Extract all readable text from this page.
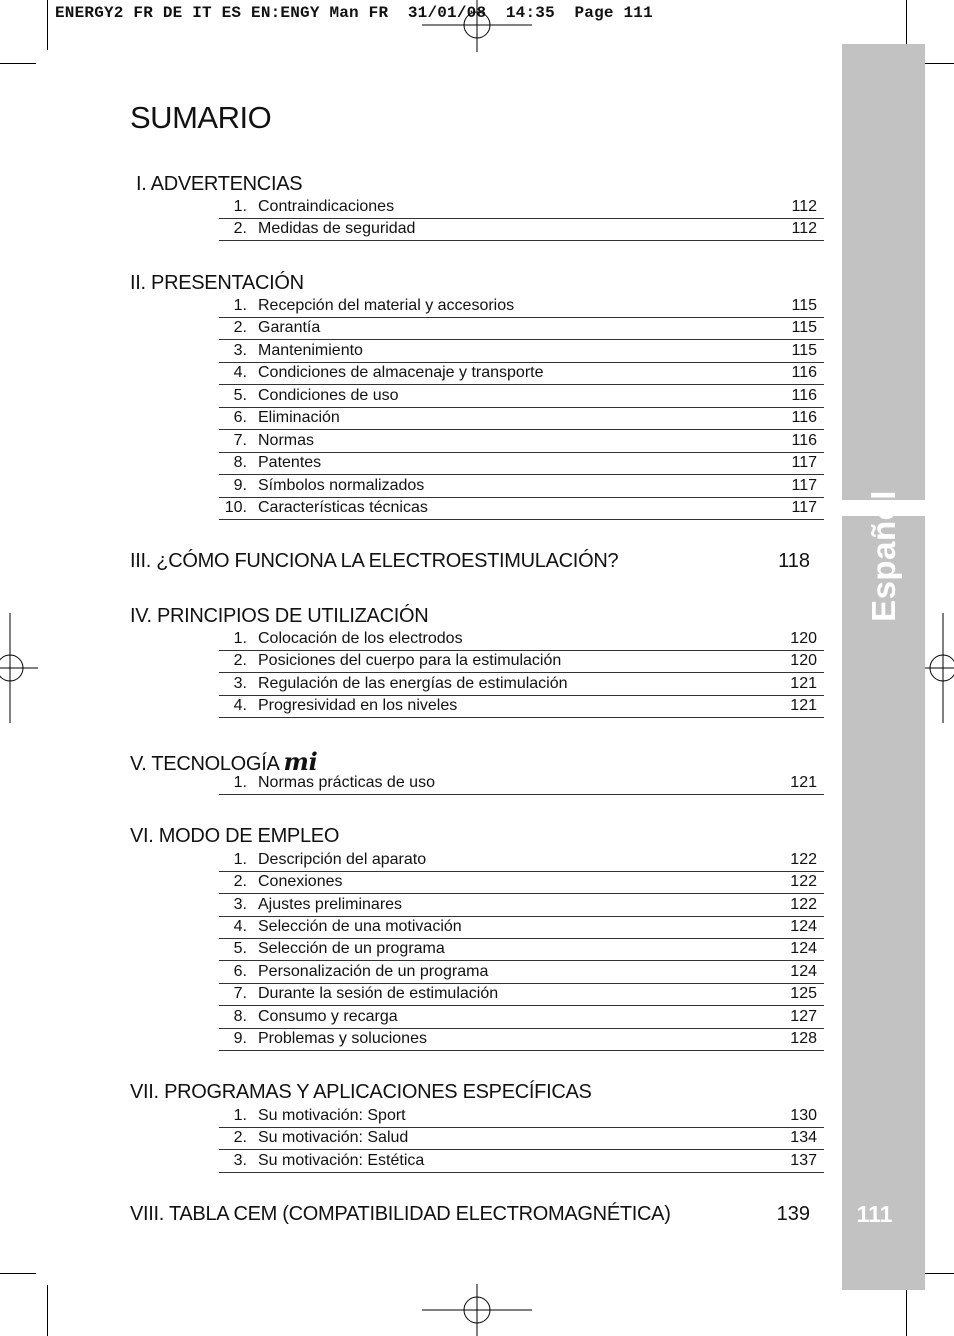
ENERGY2 FR DE IT ES EN:ENGY Man FR  31/01/08  14:35  Page 111
Español
111
SUMARIO
I. ADVERTENCIAS
1. Contraindicaciones	112
2. Medidas de seguridad	112
II. PRESENTACIÓN
1. Recepción del material y accesorios	115
2. Garantía	115
3. Mantenimiento	115
4. Condiciones de almacenaje y transporte	116
5. Condiciones de uso	116
6. Eliminación	116
7. Normas	116
8. Patentes	117
9. Símbolos normalizados	117
10. Características técnicas	117
III. ¿CÓMO FUNCIONA LA ELECTROESTIMULACIÓN?	118
IV. PRINCIPIOS DE UTILIZACIÓN
1. Colocación de los electrodos	120
2. Posiciones del cuerpo para la estimulación	120
3. Regulación de las energías de estimulación	121
4. Progresividad en los niveles	121
V. TECNOLOGÍA mi
1. Normas prácticas de uso	121
VI. MODO DE EMPLEO
1. Descripción del aparato	122
2. Conexiones	122
3. Ajustes preliminares	122
4. Selección de una motivación	124
5. Selección de un programa	124
6. Personalización de un programa	124
7. Durante la sesión de estimulación	125
8. Consumo y recarga	127
9. Problemas y soluciones	128
VII. PROGRAMAS Y APLICACIONES ESPECÍFICAS
1. Su motivación: Sport	130
2. Su motivación: Salud	134
3. Su motivación: Estética	137
VIII. TABLA CEM (COMPATIBILIDAD ELECTROMAGNÉTICA)	139
